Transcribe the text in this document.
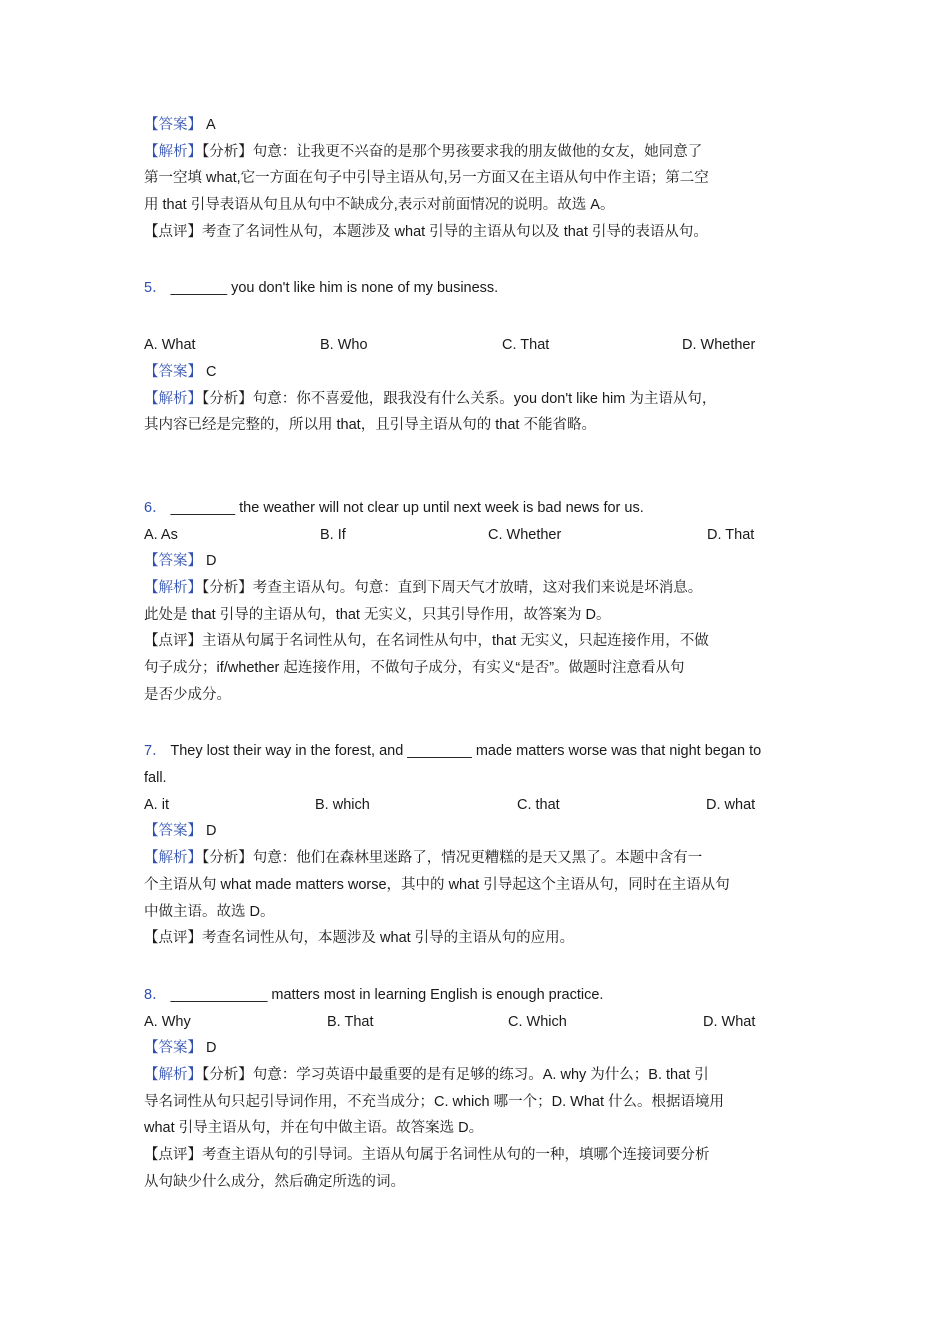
【答案】 A
【解析】【分析】句意：让我更不兴奋的是那个男孩要求我的朋友做他的女友，她同意了
第一空填 what,它一方面在句子中引导主语从句,另一方面又在主语从句中作主语；第二空
用 that 引导表语从句且从句中不缺成分,表示对前面情况的说明。故选 A。
【点评】考查了名词性从句，本题涉及 what 引导的主语从句以及 that 引导的表语从句。
5． _______ you don't like him is none of my business.
A. What	B. Who	C. That	D. Whether
【答案】 C
【解析】【分析】句意：你不喜爱他，跟我没有什么关系。you don't like him 为主语从句，
其内容已经是完整的，所以用 that，且引导主语从句的 that 不能省略。
6． ________ the weather will not clear up until next week is bad news for us.
A. As	B. If	C. Whether	D. That
【答案】 D
【解析】【分析】考查主语从句。句意：直到下周天气才放晴，这对我们来说是坏消息。
此处是 that 引导的主语从句，that 无实义，只其引导作用，故答案为 D。
【点评】主语从句属于名词性从句，在名词性从句中，that 无实义，只起连接作用，不做
句子成分；if/whether 起连接作用，不做句子成分，有实义“是否”。做题时注意看从句
是否少成分。
7． They lost their way in the forest, and ________ made matters worse was that night began to
fall.
A. it	B. which	C. that	D. what
【答案】 D
【解析】【分析】句意：他们在森林里迷路了，情况更糟糕的是天又黑了。本题中含有一
个主语从句 what made matters worse，其中的 what 引导起这个主语从句，同时在主语从句
中做主语。故选 D。
【点评】考查名词性从句，本题涉及 what 引导的主语从句的应用。
8． ____________ matters most in learning English is enough practice.
A. Why	B. That	C. Which	D. What
【答案】 D
【解析】【分析】句意：学习英语中最重要的是有足够的练习。A. why 为什么；B. that 引
导名词性从句只起引导词作用，不充当成分；C. which 哪一个；D. What 什么。根据语境用
what 引导主语从句，并在句中做主语。故答案选 D。
【点评】考查主语从句的引导词。主语从句属于名词性从句的一种，填哪个连接词要分析
从句缺少什么成分，然后确定所选的词。
